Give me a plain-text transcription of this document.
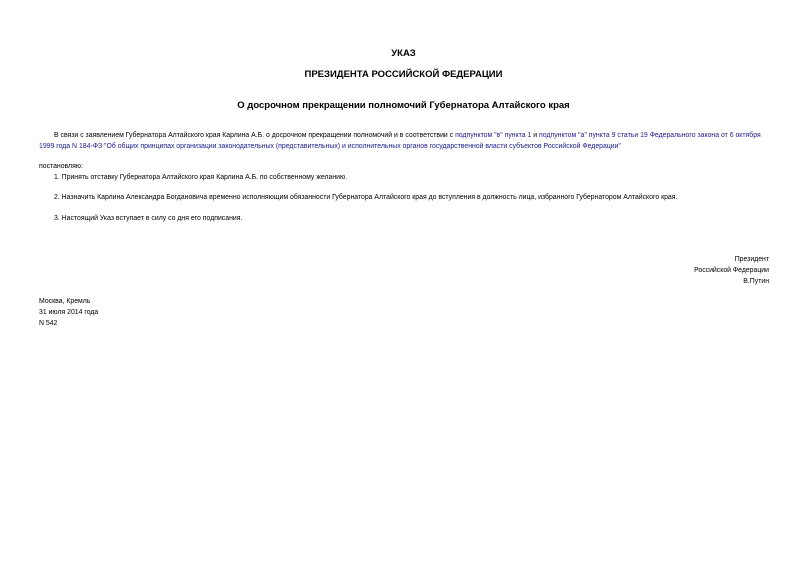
УКАЗ
ПРЕЗИДЕНТА РОССИЙСКОЙ ФЕДЕРАЦИИ
О досрочном прекращении полномочий Губернатора Алтайского края
В связи с заявлением Губернатора Алтайского края Карлина А.Б. о досрочном прекращении полномочий и в соответствии с подпунктом "в" пункта 1 и подпунктом "а" пункта 9 статьи 19 Федерального закона от 6 октября 1999 года N 184-ФЗ "Об общих принципах организации законодательных (представительных) и исполнительных органов государственной власти субъектов Российской Федерации"
постановляю:
1. Принять отставку Губернатора Алтайского края Карлина А.Б. по собственному желанию.
2. Назначить Карлина Александра Богдановича временно исполняющим обязанности Губернатора Алтайского края до вступления в должность лица, избранного Губернатором Алтайского края.
3. Настоящий Указ вступает в силу со дня его подписания.
Президент
Российской Федерации
В.Путин
Москва, Кремль
31 июля 2014 года
N 542
